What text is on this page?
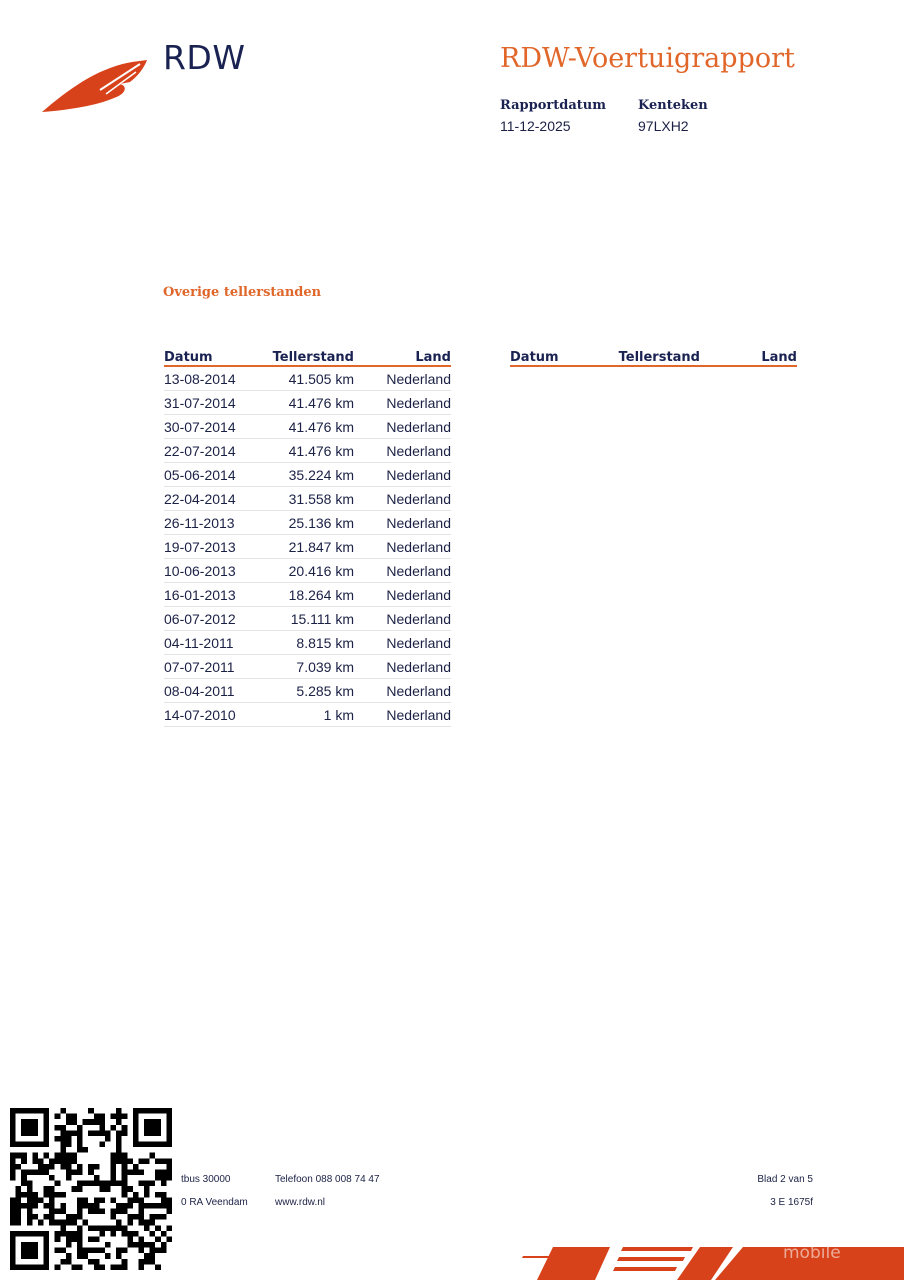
RDW	RDW-Voertuigrapport
Rapportdatum
11-12-2025
Kenteken
97LXH2
Overige tellerstanden
Datum	Tellerstand	Land
13-08-2014	41.505 km	Nederland
31-07-2014	41.476 km	Nederland
30-07-2014	41.476 km	Nederland
22-07-2014	41.476 km	Nederland
05-06-2014	35.224 km	Nederland
22-04-2014	31.558 km	Nederland
26-11-2013	25.136 km	Nederland
19-07-2013	21.847 km	Nederland
10-06-2013	20.416 km	Nederland
16-01-2013	18.264 km	Nederland
06-07-2012	15.111 km	Nederland
04-11-2011	8.815 km	Nederland
07-07-2011	7.039 km	Nederland
08-04-2011	5.285 km	Nederland
14-07-2010	1 km	Nederland
Datum	Tellerstand	Land
tbus 30000
0 RA Veendam
Telefoon 088 008 74 47
www.rdw.nl
Blad 2 van 5
3 E 1675f
mobile
